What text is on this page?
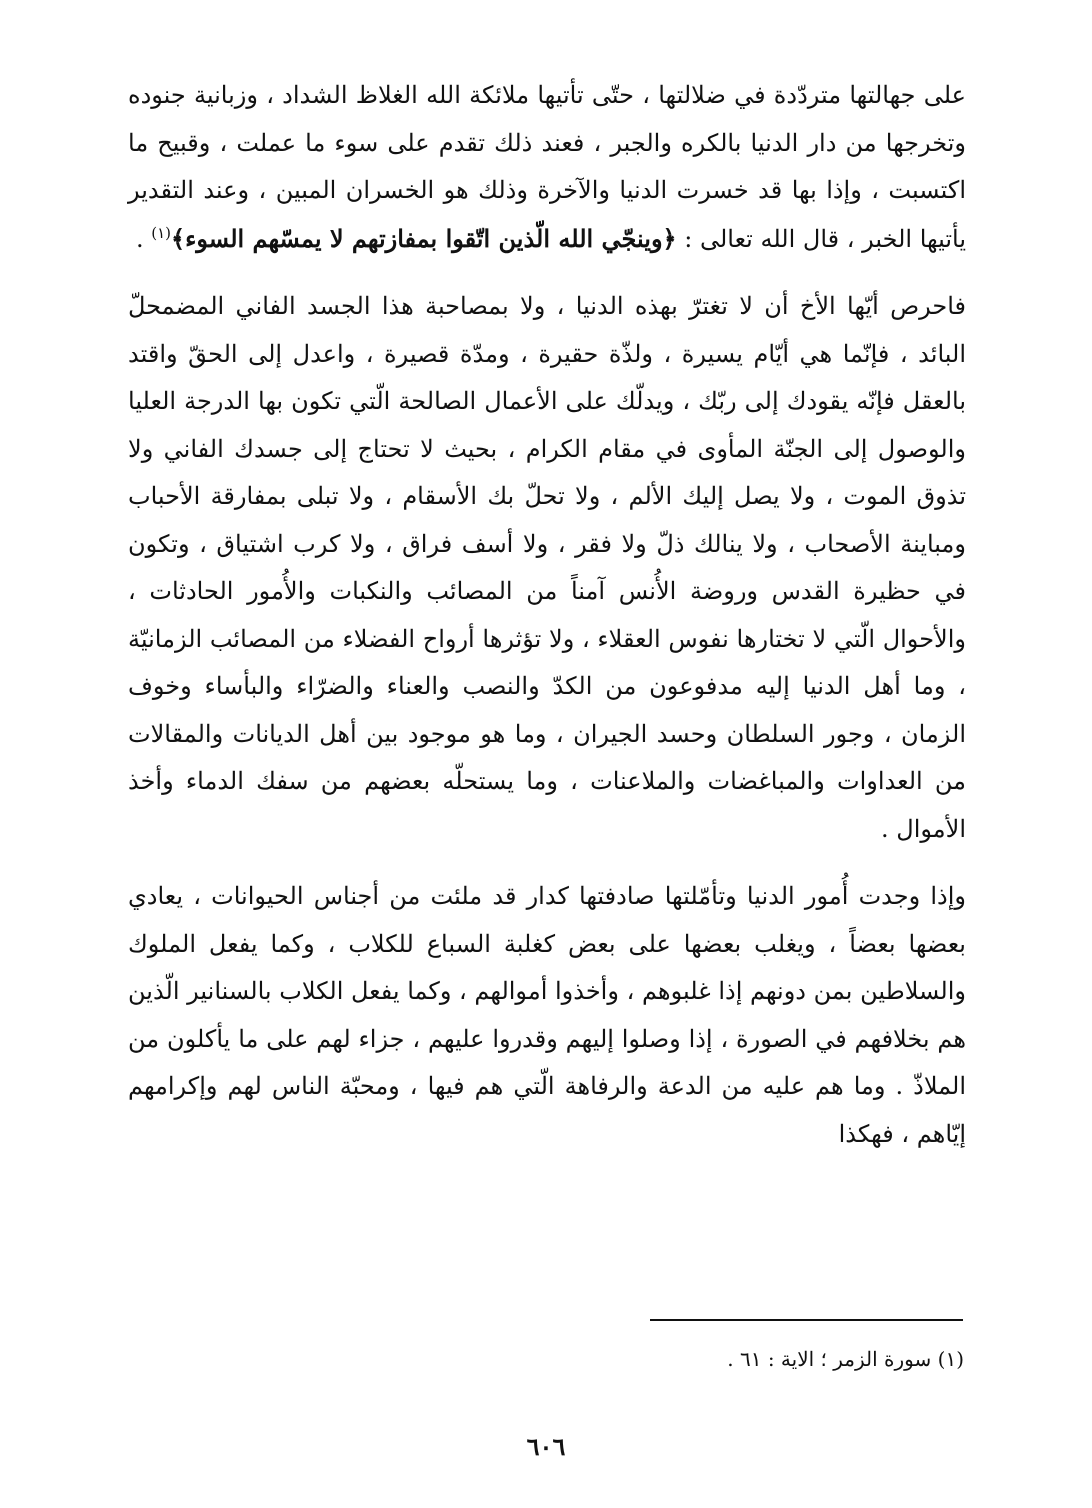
على جهالتها متردّدة في ضلالتها ، حتّى تأتيها ملائكة الله الغلاظ الشداد ، وزبانية جنوده وتخرجها من دار الدنيا بالكره والجبر ، فعند ذلك تقدم على سوء ما عملت ، وقبيح ما اكتسبت ، وإذا بها قد خسرت الدنيا والآخرة وذلك هو الخسران المبين ، وعند التقدير يأتيها الخبر ، قال الله تعالى : ﴿وينجّي الله الّذين اتّقوا بمفازتهم لا يمسّهم السوء﴾$^{(١)}$ .

فاحرص أيّها الأخ أن لا تغترّ بهذه الدنيا ، ولا بمصاحبة هذا الجسد الفاني المضمحلّ البائد ، فإنّما هي أيّام يسيرة ، ولذّة حقيرة ، ومدّة قصيرة ، واعدل إلى الحقّ واقتد بالعقل فإنّه يقودك إلى ربّك ، ويدلّك على الأعمال الصالحة الّتي تكون بها الدرجة العليا والوصول إلى الجنّة المأوى في مقام الكرام ، بحيث لا تحتاج إلى جسدك الفاني ولا تذوق الموت ، ولا يصل إليك الألم ، ولا تحلّ بك الأسقام ، ولا تبلى بمفارقة الأحباب ومباينة الأصحاب ، ولا ينالك ذلّ ولا فقر ، ولا أسف فراق ، ولا كرب اشتياق ، وتكون في حظيرة القدس وروضة الأُنس آمناً من المصائب والنكبات والأُمور الحادثات ، والأحوال الّتي لا تختارها نفوس العقلاء ، ولا تؤثرها أرواح الفضلاء من المصائب الزمانيّة ، وما أهل الدنيا إليه مدفوعون من الكدّ والنصب والعناء والضرّاء والبأساء وخوف الزمان ، وجور السلطان وحسد الجيران ، وما هو موجود بين أهل الديانات والمقالات من العداوات والمباغضات والملاعنات ، وما يستحلّه بعضهم من سفك الدماء وأخذ الأموال .

وإذا وجدت أُمور الدنيا وتأمّلتها صادفتها كدار قد ملئت من أجناس الحيوانات ، يعادي بعضها بعضاً ، ويغلب بعضها على بعض كغلبة السباع للكلاب ، وكما يفعل الملوك والسلاطين بمن دونهم إذا غلبوهم ، وأخذوا أموالهم ، وكما يفعل الكلاب بالسنانير الّذين هم بخلافهم في الصورة ، إذا وصلوا إليهم وقدروا عليهم ، جزاء لهم على ما يأكلون من الملاذّ . وما هم عليه من الدعة والرفاهة الّتي هم فيها ، ومحبّة الناس لهم وإكرامهم إيّاهم ، فهكذا

(١) سورة الزمر ؛ الاية : ٦١ .
٦٠٦
